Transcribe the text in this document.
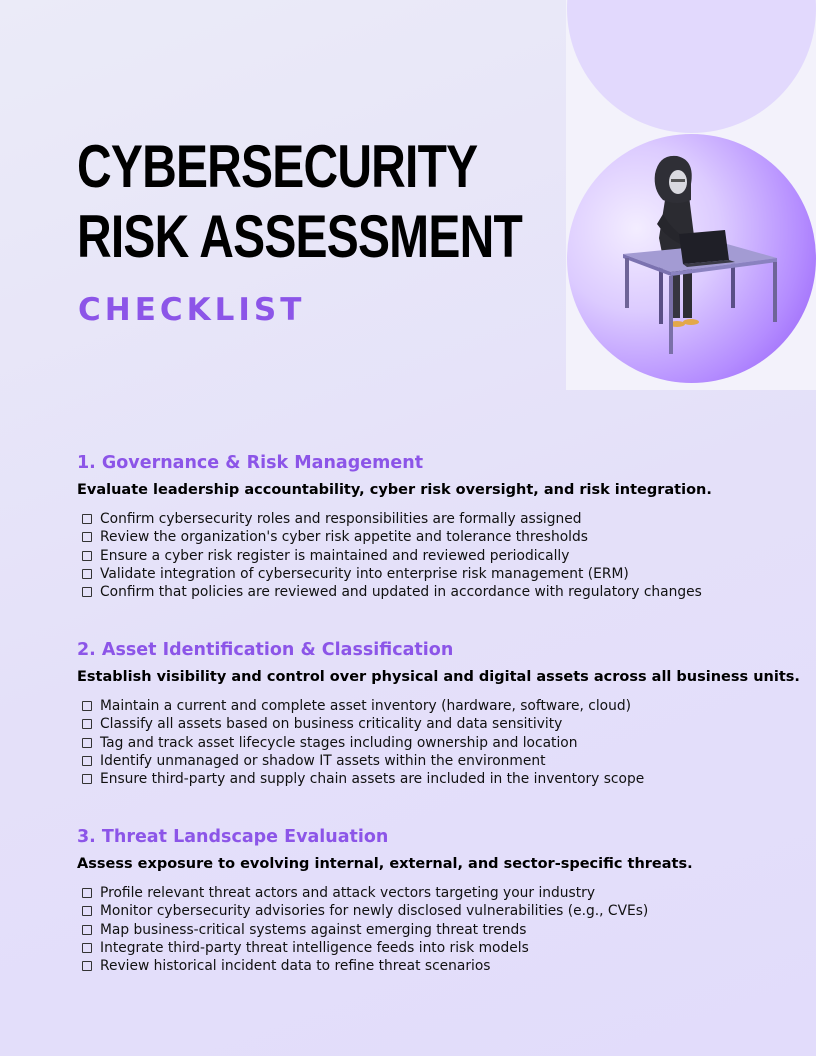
CYBERSECURITY
RISK ASSESSMENT
CHECKLIST
1. Governance & Risk Management

Evaluate leadership accountability, cyber risk oversight, and risk integration.

Confirm cybersecurity roles and responsibilities are formally assigned
Review the organization's cyber risk appetite and tolerance thresholds
Ensure a cyber risk register is maintained and reviewed periodically
Validate integration of cybersecurity into enterprise risk management (ERM)
Confirm that policies are reviewed and updated in accordance with regulatory changes
2. Asset Identification & Classification

Establish visibility and control over physical and digital assets across all business units.

Maintain a current and complete asset inventory (hardware, software, cloud)
Classify all assets based on business criticality and data sensitivity
Tag and track asset lifecycle stages including ownership and location
Identify unmanaged or shadow IT assets within the environment
Ensure third-party and supply chain assets are included in the inventory scope
3. Threat Landscape Evaluation

Assess exposure to evolving internal, external, and sector-specific threats.

Profile relevant threat actors and attack vectors targeting your industry
Monitor cybersecurity advisories for newly disclosed vulnerabilities (e.g., CVEs)
Map business-critical systems against emerging threat trends
Integrate third-party threat intelligence feeds into risk models
Review historical incident data to refine threat scenarios
